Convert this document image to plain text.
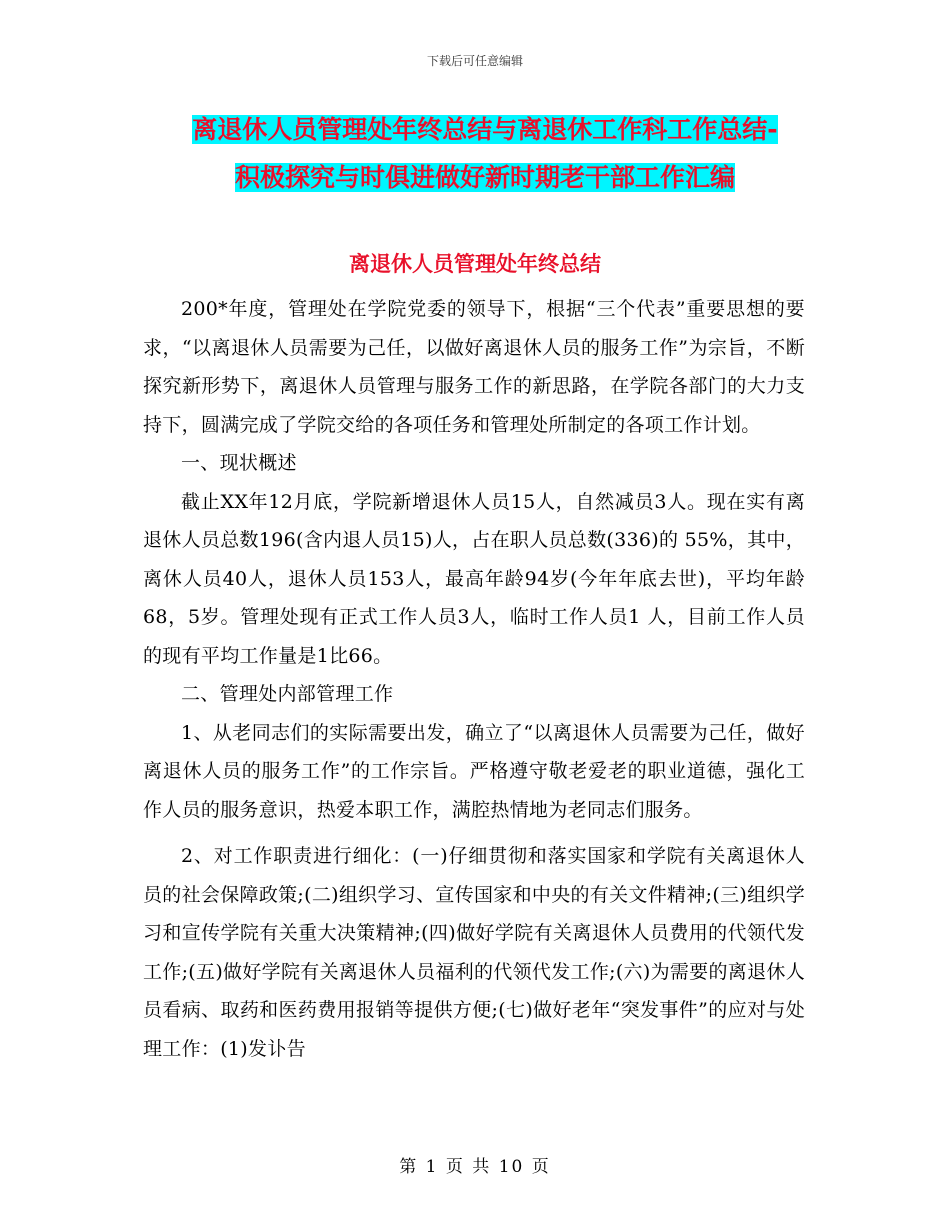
下载后可任意编辑
离退休人员管理处年终总结与离退休工作科工作总结-
积极探究与时俱进做好新时期老干部工作汇编
离退休人员管理处年终总结

200*年度，管理处在学院党委的领导下，根据“三个代表”重要思想的要求，“以离退休人员需要为己任，以做好离退休人员的服务工作”为宗旨，不断探究新形势下，离退休人员管理与服务工作的新思路，在学院各部门的大力支持下，圆满完成了学院交给的各项任务和管理处所制定的各项工作计划。

一、现状概述

截止XX年12月底，学院新增退休人员15人，自然减员3人。现在实有离退休人员总数196(含内退人员15)人，占在职人员总数(336)的 55%，其中，离休人员40人，退休人员153人，最高年龄94岁(今年年底去世)，平均年龄68，5岁。管理处现有正式工作人员3人，临时工作人员1 人，目前工作人员的现有平均工作量是1比66。

二、管理处内部管理工作

1、从老同志们的实际需要出发，确立了“以离退休人员需要为己任，做好离退休人员的服务工作”的工作宗旨。严格遵守敬老爱老的职业道德，强化工作人员的服务意识，热爱本职工作，满腔热情地为老同志们服务。

2、对工作职责进行细化：(一)仔细贯彻和落实国家和学院有关离退休人员的社会保障政策;(二)组织学习、宣传国家和中央的有关文件精神;(三)组织学习和宣传学院有关重大决策精神;(四)做好学院有关离退休人员费用的代领代发工作;(五)做好学院有关离退休人员福利的代领代发工作;(六)为需要的离退休人员看病、取药和医药费用报销等提供方便;(七)做好老年“突发事件”的应对与处理工作：(1)发讣告

第 1 页 共 10 页
